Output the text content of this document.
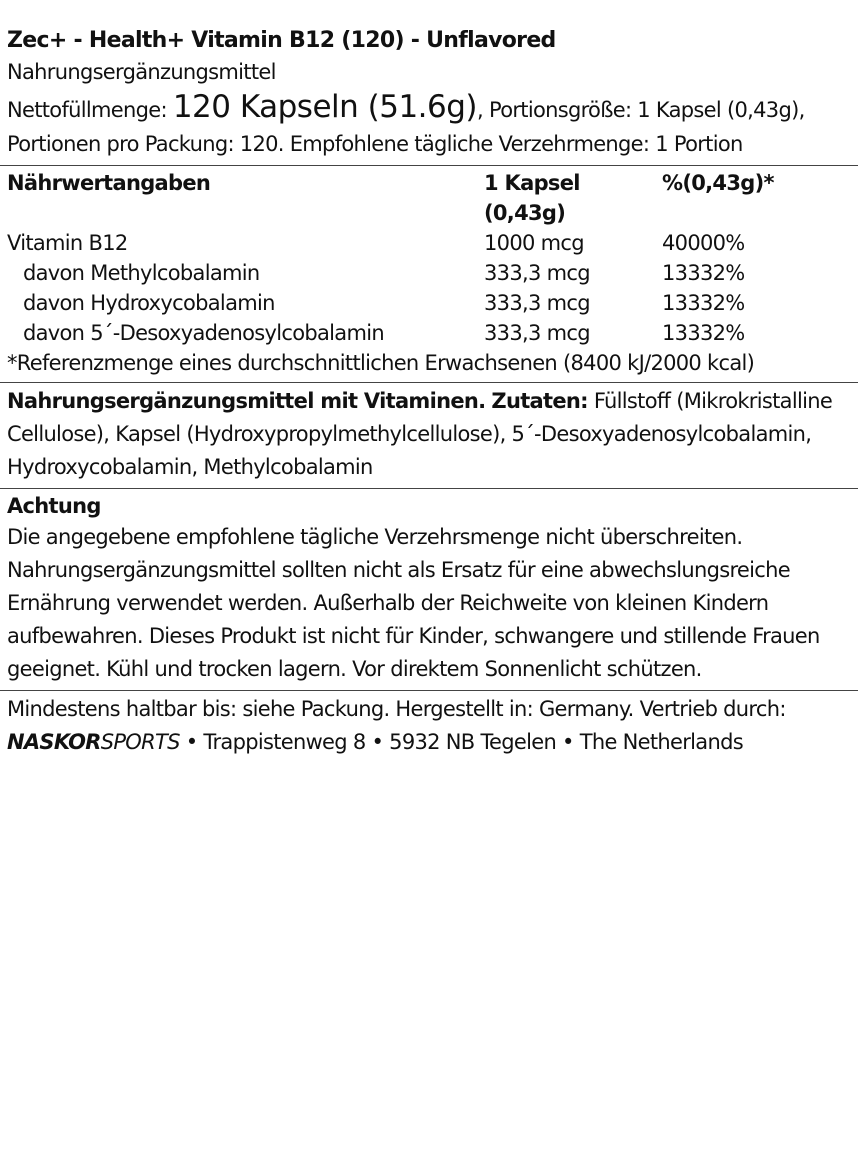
Zec+ - Health+ Vitamin B12 (120) - Unflavored
Nahrungsergänzungsmittel
Nettofüllmenge: 120 Kapseln (51.6g), Portionsgröße: 1 Kapsel (0,43g), Portionen pro Packung: 120. Empfohlene tägliche Verzehrmenge: 1 Portion
Nährwertangaben	1 Kapsel (0,43g)	%(0,43g)*
Vitamin B12	1000 mcg	40000%
davon Methylcobalamin	333,3 mcg	13332%
davon Hydroxycobalamin	333,3 mcg	13332%
davon 5´-Desoxyadenosylcobalamin	333,3 mcg	13332%
*Referenzmenge eines durchschnittlichen Erwachsenen (8400 kJ/2000 kcal)
Nahrungsergänzungsmittel mit Vitaminen. Zutaten: Füllstoff (Mikrokristalline Cellulose), Kapsel (Hydroxypropylmethylcellulose), 5´-Desoxyadenosylcobalamin, Hydroxycobalamin, Methylcobalamin
Achtung
Die angegebene empfohlene tägliche Verzehrsmenge nicht überschreiten. Nahrungsergänzungsmittel sollten nicht als Ersatz für eine abwechslungsreiche Ernährung verwendet werden. Außerhalb der Reichweite von kleinen Kindern aufbewahren. Dieses Produkt ist nicht für Kinder, schwangere und stillende Frauen geeignet. Kühl und trocken lagern. Vor direktem Sonnenlicht schützen.
Mindestens haltbar bis: siehe Packung. Hergestellt in: Germany. Vertrieb durch: NASKORSPORTS • Trappistenweg 8 • 5932 NB Tegelen • The Netherlands
